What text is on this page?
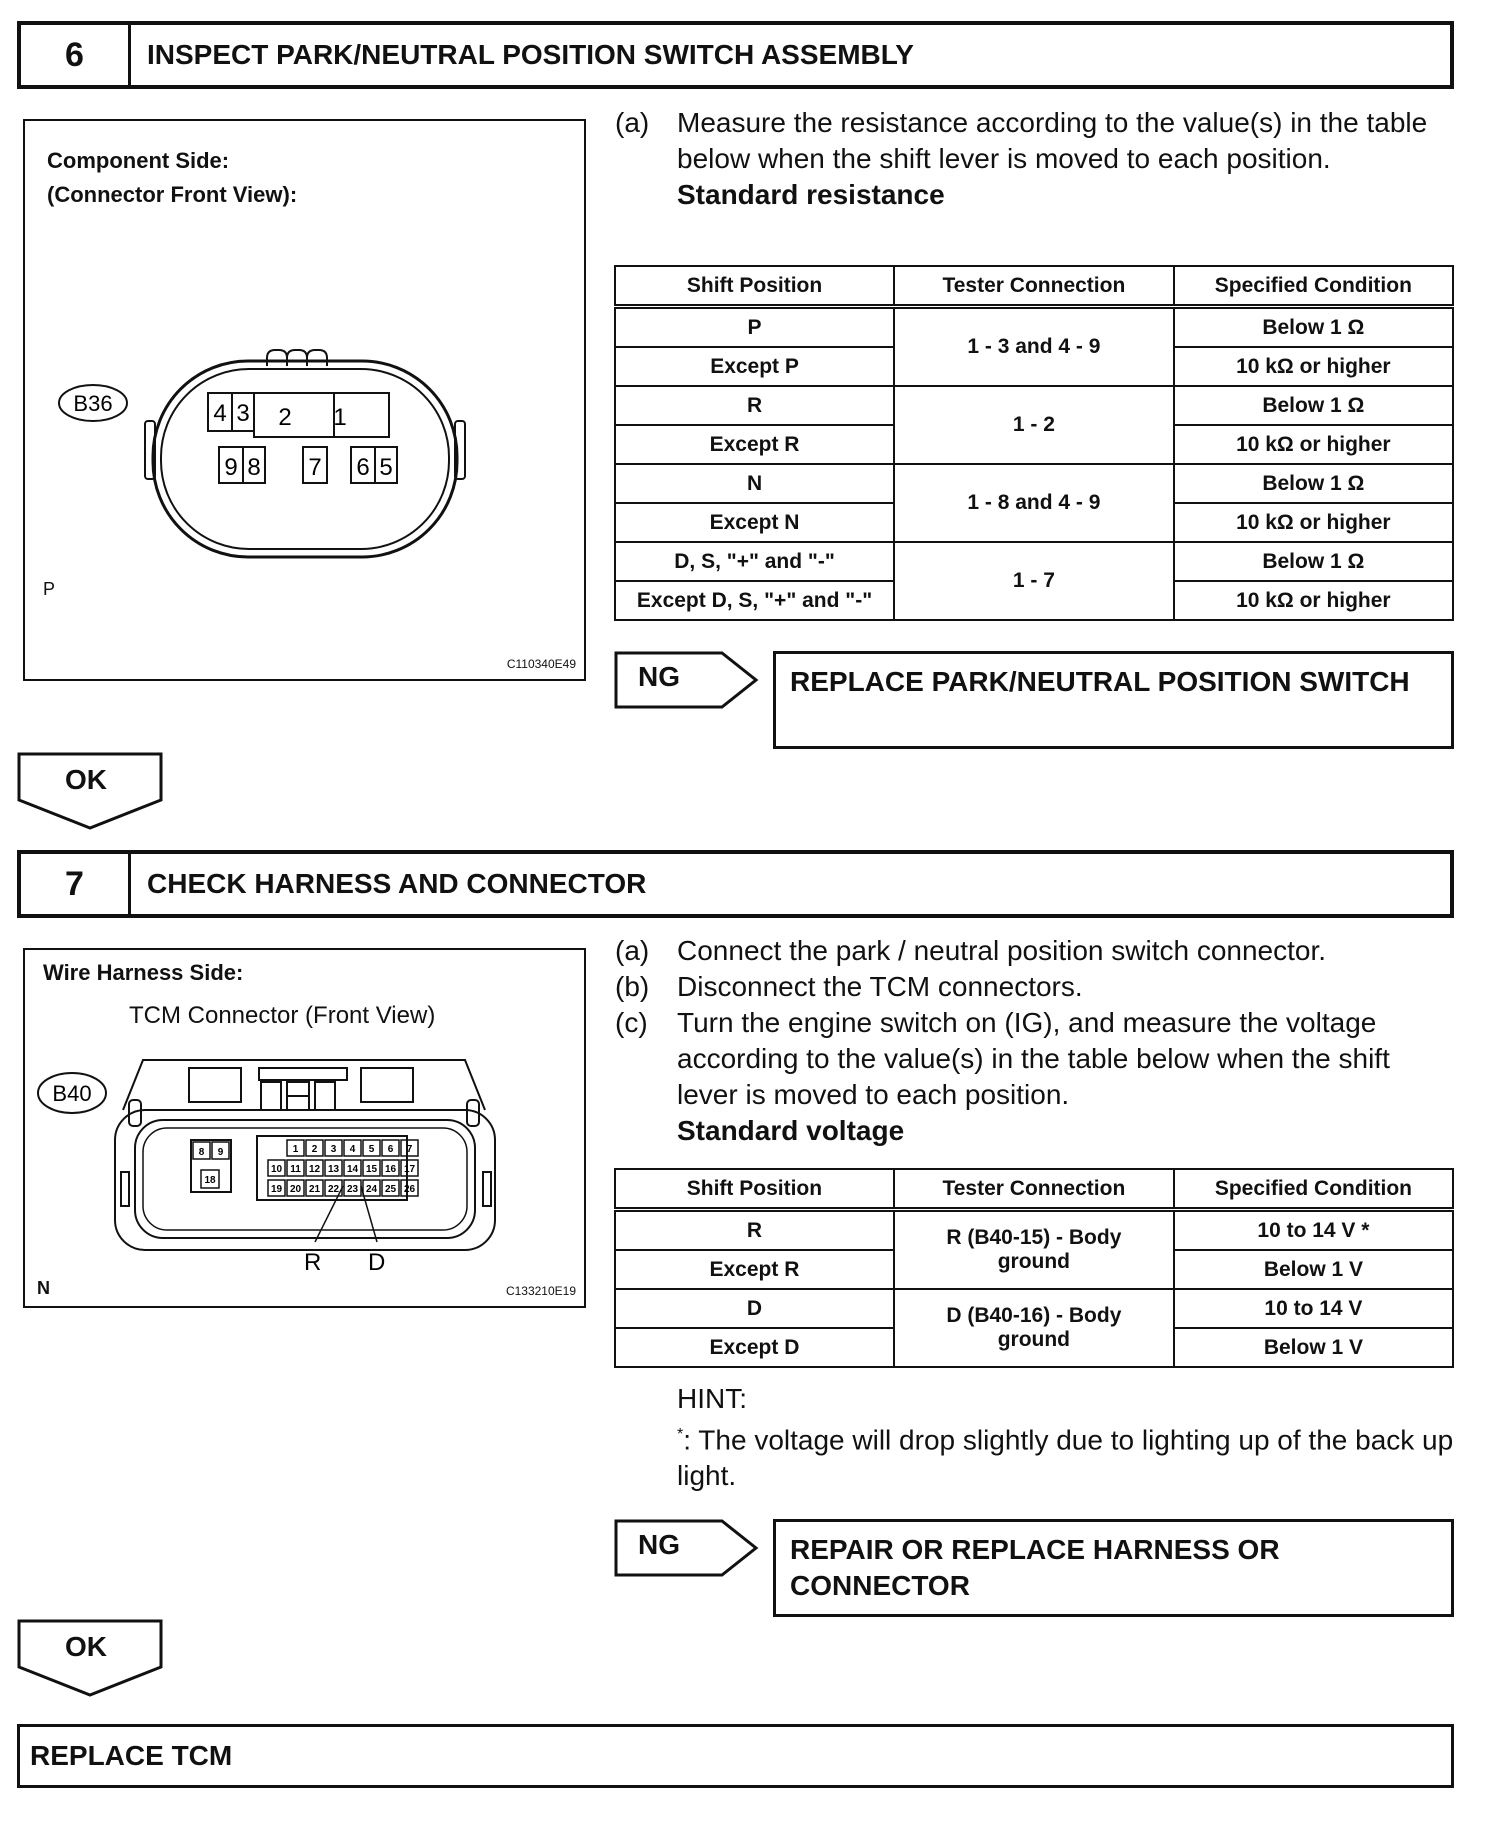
6	INSPECT PARK/NEUTRAL POSITION SWITCH ASSEMBLY
Component Side:
(Connector Front View):
B36	4 3 2 1
9 8 7 6 5
P
C110340E49
(a) Measure the resistance according to the value(s) in the table below when the shift lever is moved to each position.
Standard resistance
Shift Position	Tester Connection	Specified Condition
P	1 - 3 and 4 - 9	Below 1 Ω
Except P		10 kΩ or higher
R	1 - 2	Below 1 Ω
Except R		10 kΩ or higher
N	1 - 8 and 4 - 9	Below 1 Ω
Except N		10 kΩ or higher
D, S, "+" and "-"	1 - 7	Below 1 Ω
Except D, S, "+" and "-"		10 kΩ or higher
NG	REPLACE PARK/NEUTRAL POSITION SWITCH
OK
7	CHECK HARNESS AND CONNECTOR
Wire Harness Side:
TCM Connector (Front View)
B40
8 9
18
1 2 3 4 5 6 7
10 11 12 13 14 15 16 17
19 20 21 22 23 24 25 26
R D
N	C133210E19
(a) Connect the park / neutral position switch connector.
(b) Disconnect the TCM connectors.
(c)	Turn the engine switch on (IG), and measure the voltage according to the value(s) in the table below when the shift lever is moved to each position.
Standard voltage
Shift Position	Tester Connection	Specified Condition
R	R (B40-15) - Body ground	10 to 14 V *
Except R		Below 1 V
D	D (B40-16) - Body ground	10 to 14 V
Except D		Below 1 V
HINT:
*: The voltage will drop slightly due to lighting up of the back up light.
NG	REPAIR OR REPLACE HARNESS OR CONNECTOR
OK
REPLACE TCM
